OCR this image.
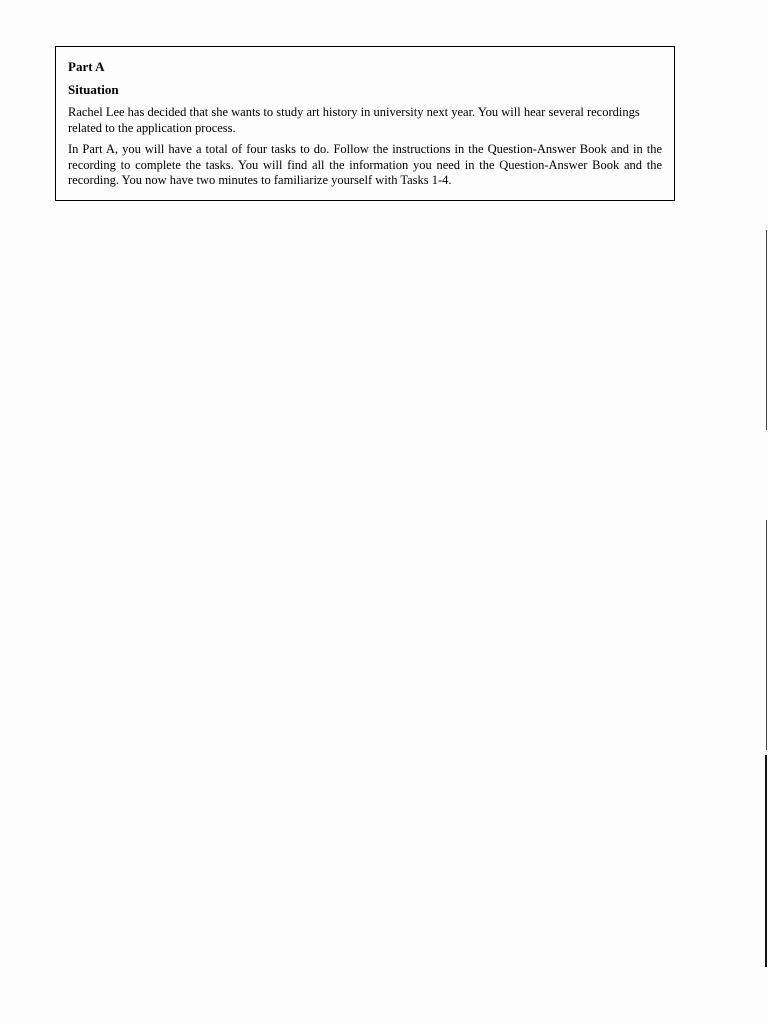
Part A
Situation

Rachel Lee has decided that she wants to study art history in university next year. You will hear several recordings related to the application process.

In Part A, you will have a total of four tasks to do. Follow the instructions in the Question-Answer Book and in the recording to complete the tasks. You will find all the information you need in the Question-Answer Book and the recording. You now have two minutes to familiarize yourself with Tasks 1-4.
